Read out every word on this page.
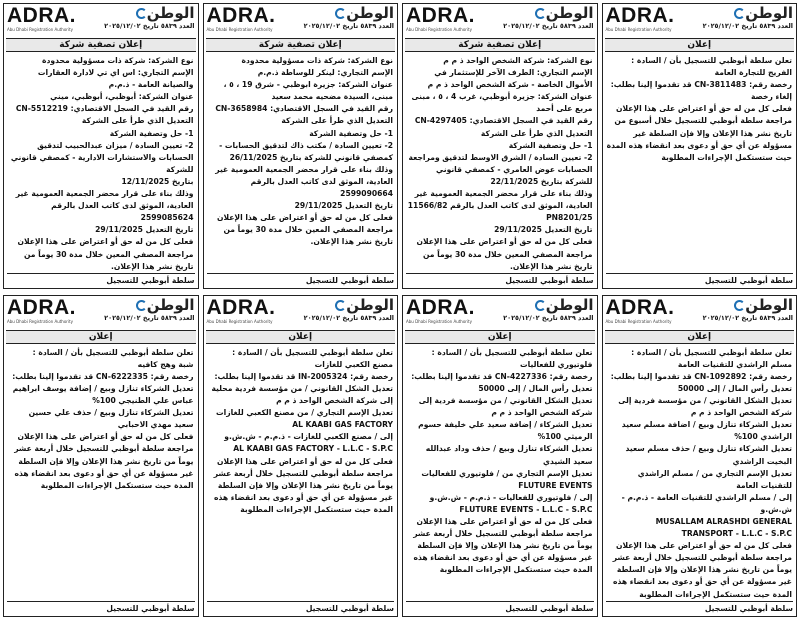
ADRA.
Abu Dhabi Registration Authority
الوطن
العدد ٥٨٣٩ تاريخ ٢٠٢٥/١٢/٠٢
إعلان تصفية شركة

نوع الشركة: شركة ذات مسؤولية محدودة

الإسم التجاري: اس اي تي لادارة العقارات والصيانة العامة - ذ.م.م

عنوان الشركة: أبوظبي، أبوظبي، ميني

رقم القيد في السجل الاقتصادي: CN-5512219

التعديل الذي طرأ على الشركة

1- حل وتصفية الشركة

2- تعيين السادة / ميزان عبدالحبيب لتدقيق الحسابات والاستشارات الادارية - كمصفي قانوني للشركة

بتاريخ 12/11/2025

وذلك بناء على قرار محضر الجمعية العمومية غير العادية، الموثق لدى كاتب العدل بالرقم 2599085624

تاريخ التعديل 29/11/2025

فعلى كل من له حق أو اعتراض على هذا الإعلان مراجعة المصفي المعين خلال مدة 30 يوماً من تاريخ نشر هذا الإعلان.

سلطة أبوظبي للتسجيل
ADRA.
Abu Dhabi Registration Authority
الوطن
العدد ٥٨٣٩ تاريخ ٢٠٢٥/١٢/٠٢
إعلان تصفية شركة

نوع الشركة: شركة ذات مسؤولية محدودة

الإسم التجاري: لينكر للوساطة ذ.م.م

عنوان الشركة: جزيرة ابوظبي - شرق 19 ، ٥ ، مبنى، السيدة مضحيه محمد سعيد

رقم القيد في السجل الاقتصادي: CN-3658984

التعديل الذي طرأ على الشركة

1- حل وتصفية الشركة

2- تعيين السادة / مكتب ذاك لتدقيق الحسابات - كمصفي قانوني للشركة بتاريخ 26/11/2025

وذلك بناء على قرار محضر الجمعية العمومية غير العادية، الموثق لدى كاتب العدل بالرقم 2599090664

تاريخ التعديل 29/11/2025

فعلى كل من له حق أو اعتراض على هذا الإعلان مراجعة المصفي المعين خلال مدة 30 يوماً من تاريخ نشر هذا الإعلان.

سلطة أبوظبي للتسجيل
ADRA.
Abu Dhabi Registration Authority
الوطن
العدد ٥٨٣٩ تاريخ ٢٠٢٥/١٢/٠٢
إعلان تصفية شركة

نوع الشركة: شركة الشخص الواحد ذ م م

الإسم التجاري: الطرف الآخر للإستثمار في الأموال الخاصة - شركة الشخص الواحد ذ م م

عنوان الشركة: جزيرة أبوظبي، غرب 4 ، ٥ ، مبنى مربع على أحمد

رقم القيد في السجل الاقتصادي: CN-4297405

التعديل الذي طرأ على الشركة

1- حل وتصفية الشركة

2- تعيين السادة / الشرق الاوسط لتدقيق ومراجعة الحسابات عوض العامري - كمصفي قانوني للشركة بتاريخ 22/11/2025

وذلك بناء على قرار محضر الجمعية العمومية غير العادية، الموثق لدى كاتب العدل بالرقم 11566/82 PN8201/25

تاريخ التعديل 29/11/2025

فعلى كل من له حق أو اعتراض على هذا الإعلان مراجعة المصفي المعين خلال مدة 30 يوماً من تاريخ نشر هذا الإعلان.

سلطة أبوظبي للتسجيل
ADRA.
Abu Dhabi Registration Authority
الوطن
العدد ٥٨٣٩ تاريخ ٢٠٢٥/١٢/٠٢
إعلان

تعلن سلطة أبوظبي للتسجيل بأن / السادة :

الفريج للتجارة العامة

رخصة رقم: CN-3811483 قد تقدموا إلينا بطلب:

إلغاء رخصة

فعلى كل من له حق أو اعتراض على هذا الإعلان مراجعة سلطة أبوظبي للتسجيل خلال أسبوع من تاريخ نشر هذا الإعلان وإلا فإن السلطة غير مسؤولة عن أي حق أو دعوى بعد انقضاء هذه المدة حيث ستستكمل الإجراءات المطلوبة

سلطة أبوظبي للتسجيل
ADRA.
Abu Dhabi Registration Authority
الوطن
العدد ٥٨٣٩ تاريخ ٢٠٢٥/١٢/٠٢
إعلان

تعلن سلطة أبوظبي للتسجيل بأن / السادة :

شبة وهج كافيه

رخصة رقم: CN-6222335 قد تقدموا إلينا بطلب:

تعديل الشركاء تنازل وبيع / إضافة يوسف ابراهيم عباس علي الطنيجي 100%

تعديل الشركاء تنازل وبيع / حذف علي حسين سعيد مهدي الاحبابي

فعلى كل من له حق أو اعتراض على هذا الإعلان مراجعة سلطة أبوظبي للتسجيل خلال أربعة عشر يوماً من تاريخ نشر هذا الإعلان وإلا فإن السلطة غير مسؤولة عن أي حق أو دعوى بعد انقضاء هذه المدة حيث ستستكمل الإجراءات المطلوبة

سلطة أبوظبي للتسجيل
ADRA.
Abu Dhabi Registration Authority
الوطن
العدد ٥٨٣٩ تاريخ ٢٠٢٥/١٢/٠٢
إعلان

تعلن سلطة أبوظبي للتسجيل بأن / السادة :

مصنع الكعبي للغازات

رخصة رقم: IN-2005324 قد تقدموا إلينا بطلب:

تعديل الشكل القانوني / من مؤسسة فردية محلية إلى شركة الشخص الواحد ذ م م

تعديل الإسم التجاري / من مصنع الكعبي للغازات

AL KAABI GAS FACTORY

إلى / مصنع الكعبي للغازات - ذ.م.م - ش.ش.و

AL KAABI GAS FACTORY - L.L.C - S.P.C

فعلى كل من له حق أو اعتراض على هذا الإعلان مراجعة سلطة أبوظبي للتسجيل خلال أربعة عشر يوماً من تاريخ نشر هذا الإعلان وإلا فإن السلطة غير مسؤولة عن أي حق أو دعوى بعد انقضاء هذه المدة حيث ستستكمل الإجراءات المطلوبة

سلطة أبوظبي للتسجيل
ADRA.
Abu Dhabi Registration Authority
الوطن
العدد ٥٨٣٩ تاريخ ٢٠٢٥/١٢/٠٢
إعلان

تعلن سلطة أبوظبي للتسجيل بأن / السادة :

فلوتيوري للفعاليات

رخصة رقم: CN-4227336 قد تقدموا إلينا بطلب:

تعديل رأس المال / إلى 50000

تعديل الشكل القانوني / من مؤسسة فردية إلى شركة الشخص الواحد ذ م م

تعديل الشركاء / إضافة سعيد علي خليفة حسوم الرميثي 100%

تعديل الشركاء تنازل وبيع / حذف وداد عبدالله سعيد الشيدي

تعديل الإسم التجاري من / فلوتيوري للفعاليات

FLUTURE EVENTS

إلى / فلوتيوري للفعاليات - ذ.م.م - ش.ش.و

FLUTURE EVENTS - L.L.C - S.P.C

فعلى كل من له حق أو اعتراض على هذا الإعلان مراجعة سلطة أبوظبي للتسجيل خلال أربعة عشر يوماً من تاريخ نشر هذا الإعلان وإلا فإن السلطة غير مسؤولة عن أي حق أو دعوى بعد انقضاء هذه المدة حيث ستستكمل الإجراءات المطلوبة

سلطة أبوظبي للتسجيل
ADRA.
Abu Dhabi Registration Authority
الوطن
العدد ٥٨٣٩ تاريخ ٢٠٢٥/١٢/٠٢
إعلان

تعلن سلطة أبوظبي للتسجيل بأن / السادة :

مسلم الراشدي للتقنيات العامة

رخصة رقم: CN-1092892 قد تقدموا إلينا بطلب:

تعديل رأس المال / إلى 50000

تعديل الشكل القانوني / من مؤسسة فردية إلى شركة الشخص الواحد ذ م م

تعديل الشركاء تنازل وبيع / اضافة مسلم سعيد الراشدي 100%

تعديل الشركاء تنازل وبيع / حذف مسلم سعيد البخيت الراشدي

تعديل الإسم التجاري من / مسلم الراشدي للتقنيات العامة

إلى / مسلم الراشدي للتقنيات العامة - ذ.م.م - ش.ش.و

MUSALLAM ALRASHDI GENERAL TRANSPORT - L.L.C - S.P.C

فعلى كل من له حق أو اعتراض على هذا الإعلان مراجعة سلطة أبوظبي للتسجيل خلال أربعة عشر يوماً من تاريخ نشر هذا الإعلان وإلا فإن السلطة غير مسؤولة عن أي حق أو دعوى بعد انقضاء هذه المدة حيث ستستكمل الإجراءات المطلوبة

سلطة أبوظبي للتسجيل
